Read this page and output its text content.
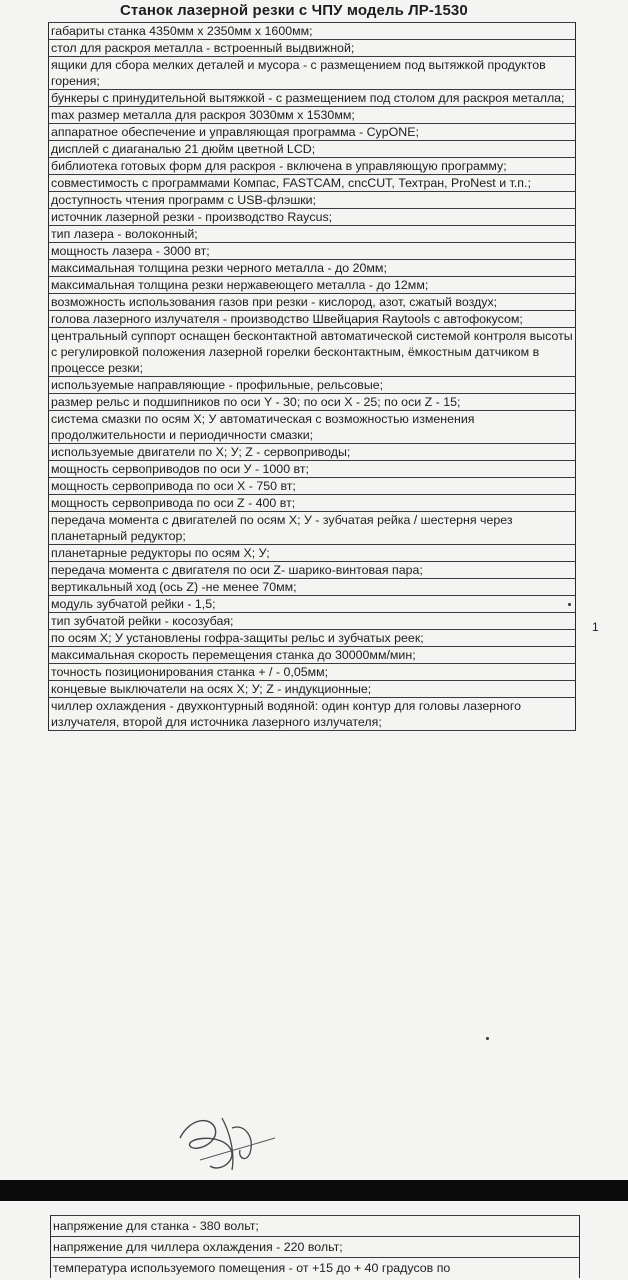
Станок лазерной резки с ЧПУ модель ЛР-1530
габариты станка 4350мм х 2350мм х 1600мм;
стол для раскроя металла - встроенный выдвижной;
ящики для сбора мелких деталей и мусора - с размещением под вытяжкой продуктов горения;
бункеры с принудительной вытяжкой - с размещением под столом для раскроя металла;
max размер металла для раскроя 3030мм х 1530мм;
аппаратное обеспечение и управляющая программа - CypONE;
дисплей с диаганалью 21 дюйм цветной LCD;
библиотека готовых форм для раскроя - включена в управляющую программу;
совместимость с программами Компас, FASTCAM, cncCUT, Техтран, ProNest и т.п.;
доступность чтения программ с USB-флэшки;
источник лазерной резки - производство Raycus;
тип лазера - волоконный;
мощность лазера - 3000 вт;
максимальная толщина резки черного металла - до 20мм;
максимальная толщина резки нержавеющего металла - до 12мм;
возможность использования газов при резки - кислород, азот, сжатый воздух;
голова лазерного излучателя - производство Швейцария Raytools с автофокусом;
центральный суппорт оснащен бесконтактной автоматической системой контроля высоты с регулировкой положения лазерной горелки бесконтактным, ёмкостным датчиком в процессе резки;
используемые направляющие - профильные, рельсовые;
размер рельс и подшипников по оси Y - 30; по оси X - 25; по оси Z - 15;
система смазки по осям X; У автоматическая с возможностью изменения продолжительности и периодичности смазки;
используемые двигатели по X; У; Z - сервоприводы;
мощность сервоприводов по оси У - 1000 вт;
мощность сервопривода по оси X - 750 вт;
мощность сервопривода по оси Z - 400 вт;
передача момента с двигателей по осям X; У - зубчатая рейка / шестерня через планетарный редуктор;
планетарные редукторы по осям X; У;
передача момента с двигателя по оси Z- шарико-винтовая пара;
вертикальный ход (ось Z) -не менее 70мм;
модуль зубчатой рейки - 1,5;
тип зубчатой рейки - косозубая;
по осям X; У установлены гофра-защиты рельс и зубчатых реек;
максимальная скорость перемещения станка до 30000мм/мин;
точность позиционирования станка + / - 0,05мм;
концевые выключатели на осях X; У; Z - индукционные;
чиллер охлаждения - двухконтурный водяной: один контур для головы лазерного излучателя, второй для источника лазерного излучателя;
1
напряжение для станка - 380 вольт;
напряжение для чиллера охлаждения - 220 вольт;
температура используемого помещения - от +15 до + 40 градусов по
